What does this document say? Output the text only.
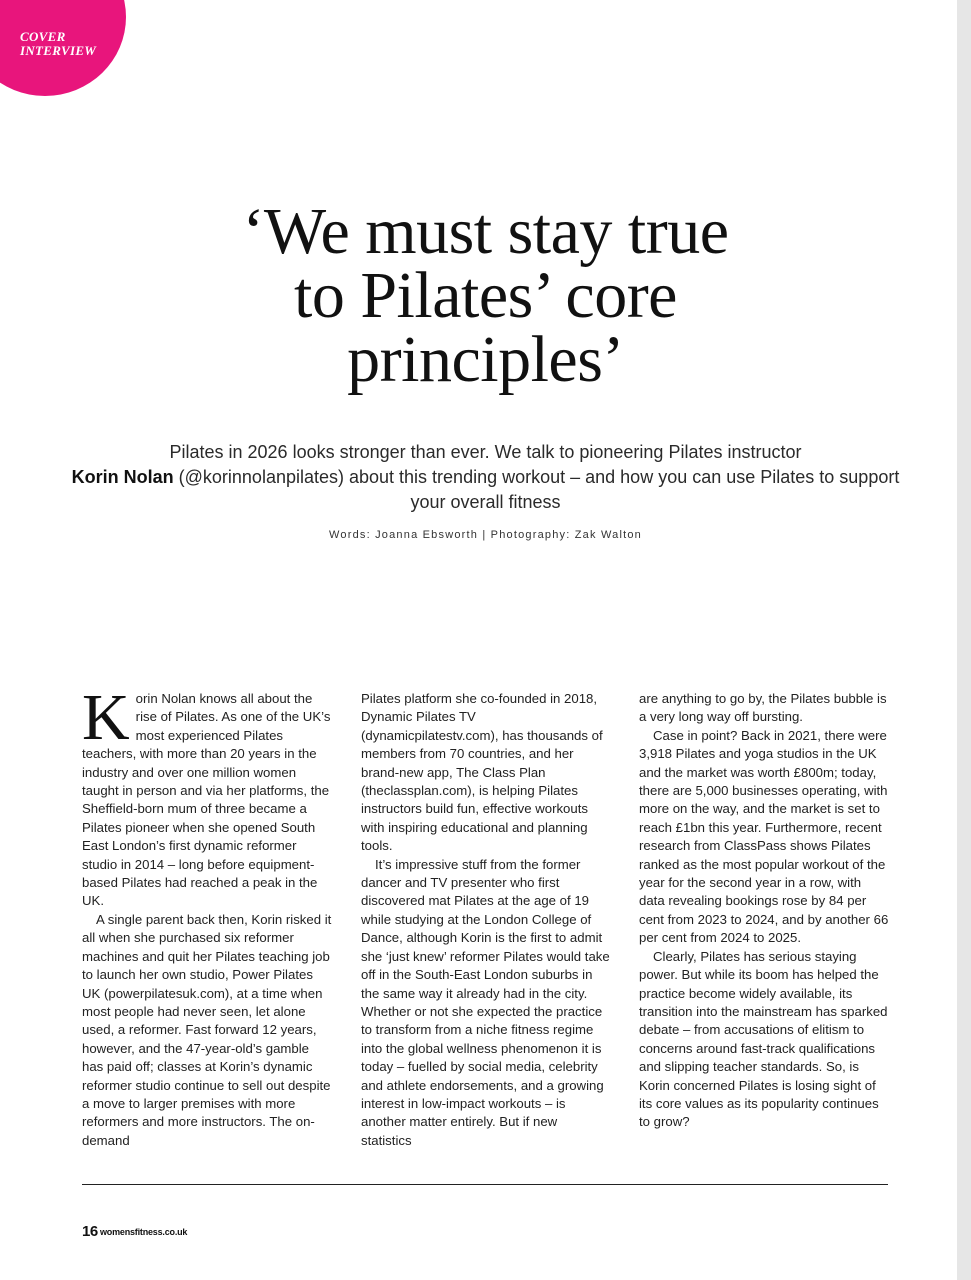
COVER
INTERVIEW
‘We must stay true
to Pilates’ core
principles’

Pilates in 2026 looks stronger than ever. We talk to pioneering Pilates instructor
Korin Nolan (@korinnolanpilates) about this trending workout – and how you can use Pilates to support your overall fitness

Words: Joanna Ebsworth | Photography: Zak Walton

Korin Nolan knows all about the rise of Pilates. As one of the UK’s most experienced Pilates teachers, with more than 20 years in the industry and over one million women taught in person and via her platforms, the Sheffield-born mum of three became a Pilates pioneer when she opened South East London’s first dynamic reformer studio in 2014 – long before equipment-based Pilates had reached a peak in the UK.

A single parent back then, Korin risked it all when she purchased six reformer machines and quit her Pilates teaching job to launch her own studio, Power Pilates UK (powerpilatesuk.com), at a time when most people had never seen, let alone used, a reformer. Fast forward 12 years, however, and the 47-year-old’s gamble has paid off; classes at Korin’s dynamic reformer studio continue to sell out despite a move to larger premises with more reformers and more instructors. The on-demand

Pilates platform she co-founded in 2018, Dynamic Pilates TV (dynamicpilatestv.com), has thousands of members from 70 countries, and her brand-new app, The Class Plan (theclassplan.com), is helping Pilates instructors build fun, effective workouts with inspiring educational and planning tools.

It’s impressive stuff from the former dancer and TV presenter who first discovered mat Pilates at the age of 19 while studying at the London College of Dance, although Korin is the first to admit she ‘just knew’ reformer Pilates would take off in the South-East London suburbs in the same way it already had in the city. Whether or not she expected the practice to transform from a niche fitness regime into the global wellness phenomenon it is today – fuelled by social media, celebrity and athlete endorsements, and a growing interest in low-impact workouts – is another matter entirely. But if new statistics

are anything to go by, the Pilates bubble is a very long way off bursting.

Case in point? Back in 2021, there were 3,918 Pilates and yoga studios in the UK and the market was worth £800m; today, there are 5,000 businesses operating, with more on the way, and the market is set to reach £1bn this year. Furthermore, recent research from ClassPass shows Pilates ranked as the most popular workout of the year for the second year in a row, with data revealing bookings rose by 84 per cent from 2023 to 2024, and by another 66 per cent from 2024 to 2025.

Clearly, Pilates has serious staying power. But while its boom has helped the practice become widely available, its transition into the mainstream has sparked debate – from accusations of elitism to concerns around fast-track qualifications and slipping teacher standards. So, is Korin concerned Pilates is losing sight of its core values as its popularity continues to grow?

16 womensfitness.co.uk
